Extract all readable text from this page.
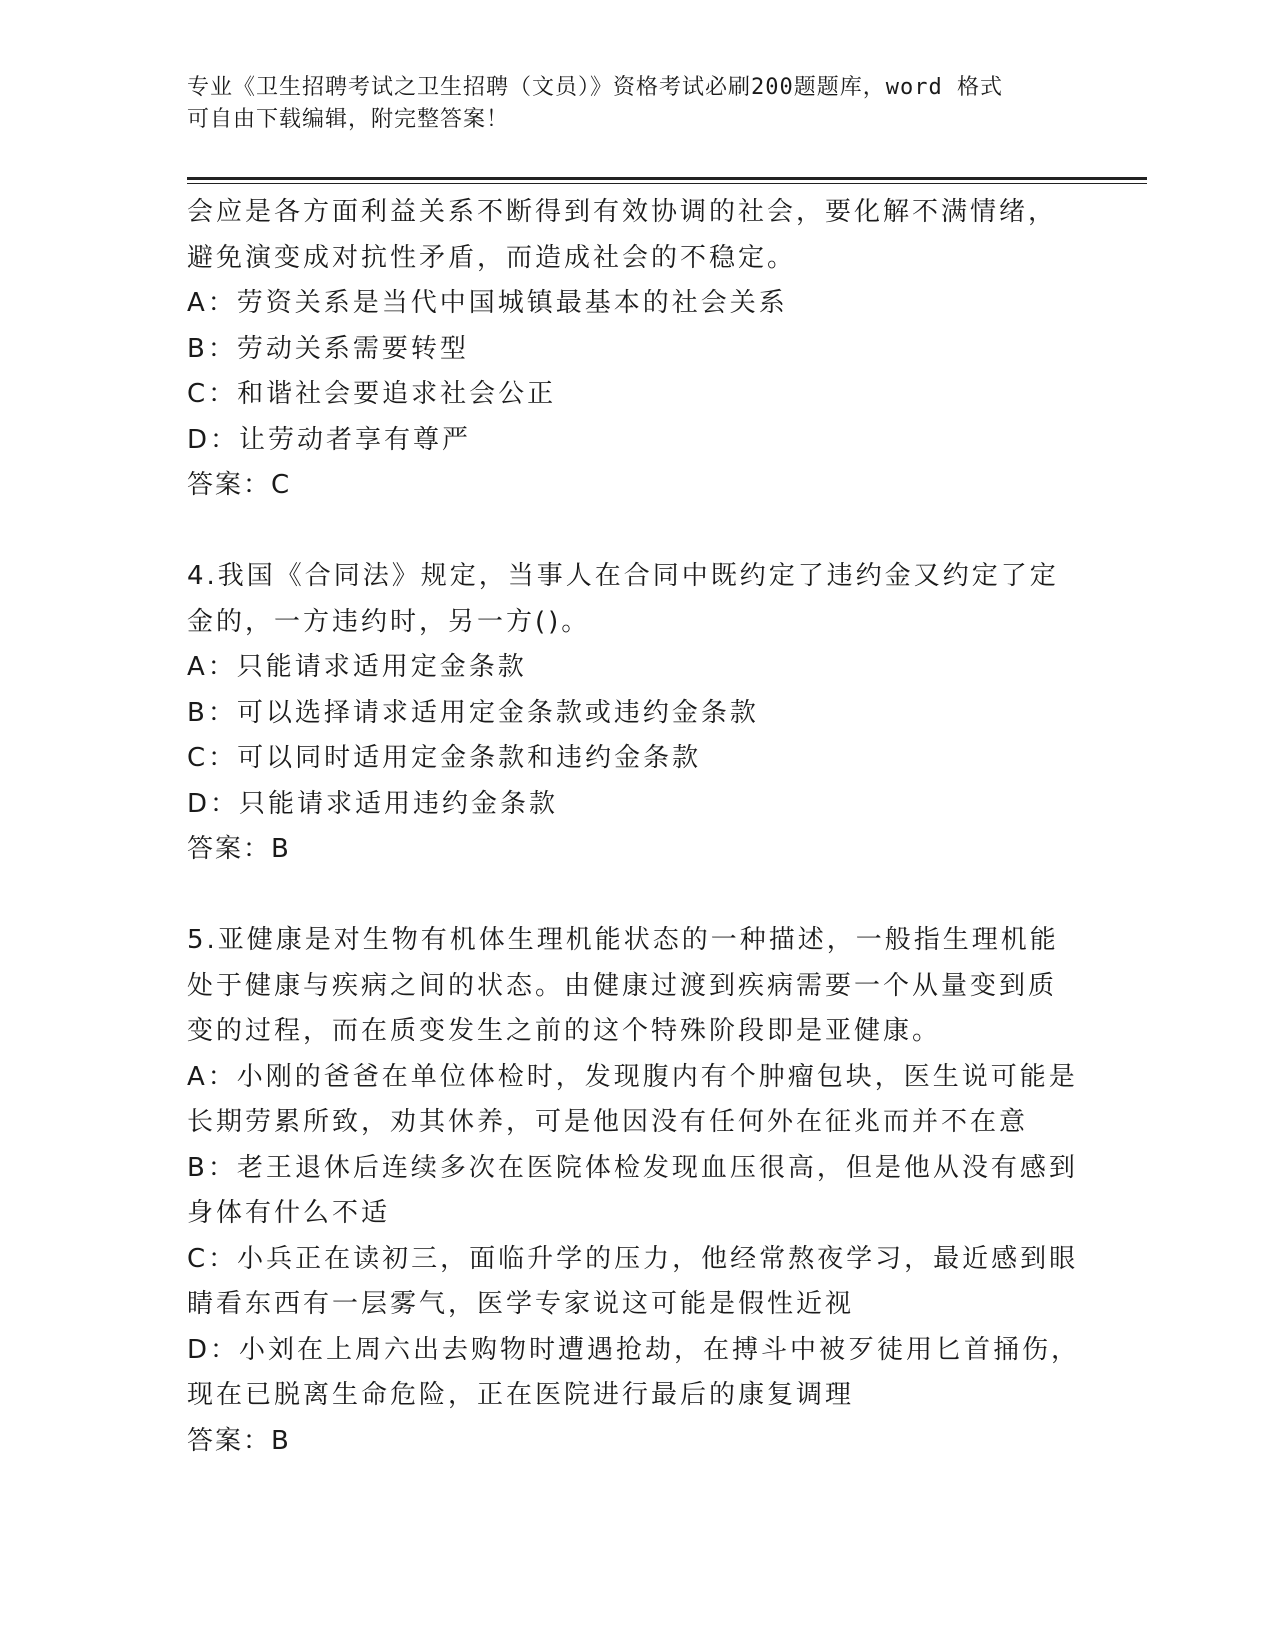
专业《卫生招聘考试之卫生招聘（文员）》资格考试必刷200题题库，word 格式
可自由下载编辑，附完整答案！
会应是各方面利益关系不断得到有效协调的社会，要化解不满情绪，
避免演变成对抗性矛盾，而造成社会的不稳定。
A：劳资关系是当代中国城镇最基本的社会关系
B：劳动关系需要转型
C：和谐社会要追求社会公正
D：让劳动者享有尊严
答案：C
4.我国《合同法》规定，当事人在合同中既约定了违约金又约定了定
金的，一方违约时，另一方()。
A：只能请求适用定金条款
B：可以选择请求适用定金条款或违约金条款
C：可以同时适用定金条款和违约金条款
D：只能请求适用违约金条款
答案：B
5.亚健康是对生物有机体生理机能状态的一种描述，一般指生理机能
处于健康与疾病之间的状态。由健康过渡到疾病需要一个从量变到质
变的过程，而在质变发生之前的这个特殊阶段即是亚健康。
A：小刚的爸爸在单位体检时，发现腹内有个肿瘤包块，医生说可能是
长期劳累所致，劝其休养，可是他因没有任何外在征兆而并不在意
B：老王退休后连续多次在医院体检发现血压很高，但是他从没有感到
身体有什么不适
C：小兵正在读初三，面临升学的压力，他经常熬夜学习，最近感到眼
睛看东西有一层雾气，医学专家说这可能是假性近视
D：小刘在上周六出去购物时遭遇抢劫，在搏斗中被歹徒用匕首捅伤，
现在已脱离生命危险，正在医院进行最后的康复调理
答案：B
